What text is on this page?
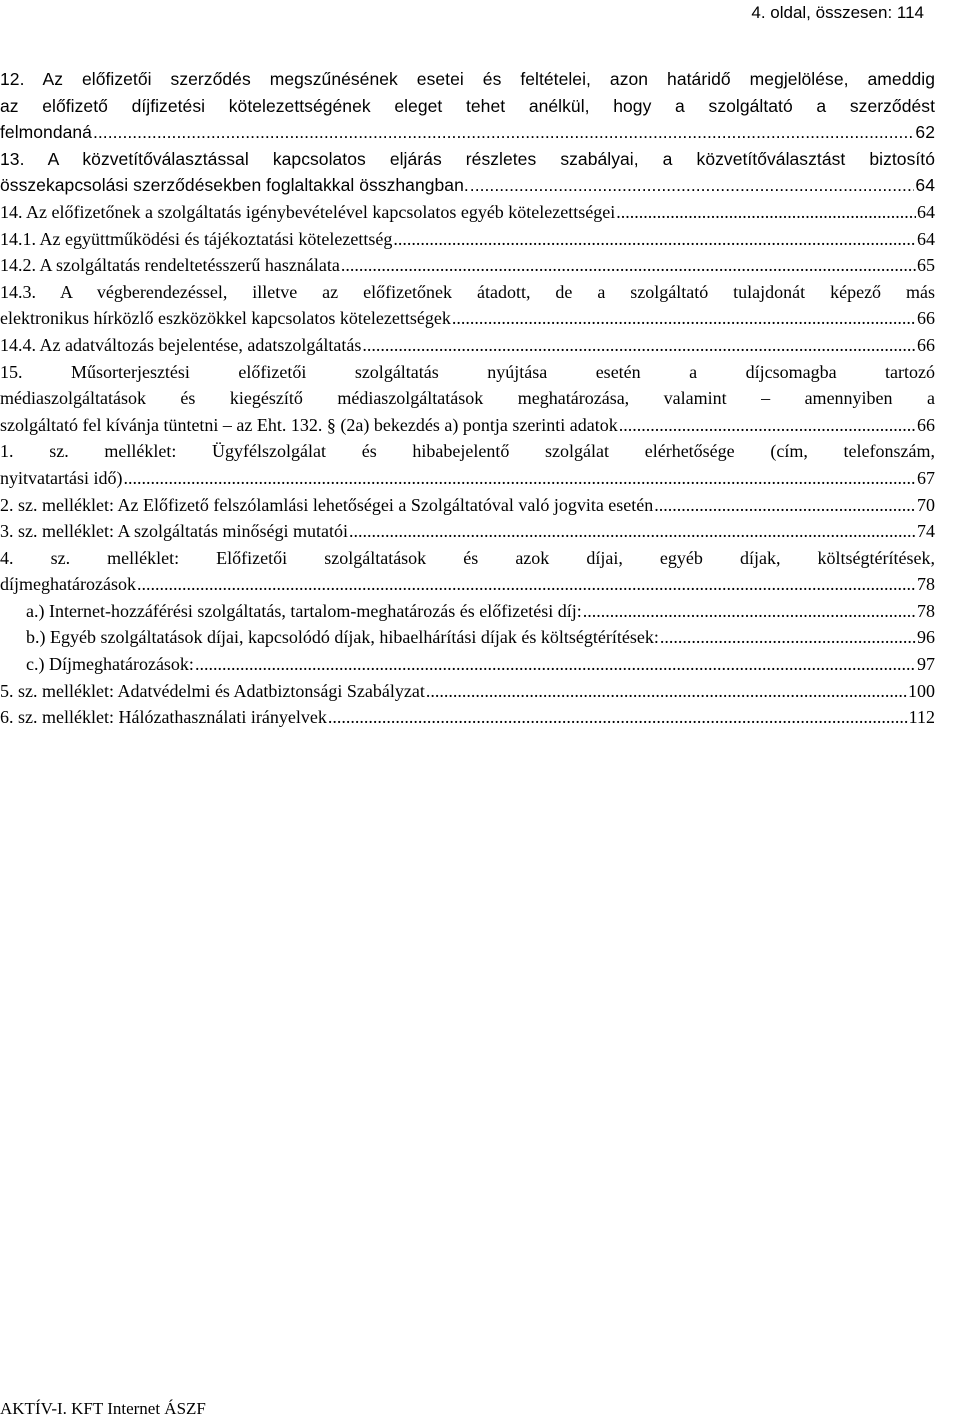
4. oldal, összesen: 114
12. Az előfizetői szerződés megszűnésének esetei és feltételei, azon határidő megjelölése, ameddig
az előfizető díjfizetési kötelezettségének eleget tehet anélkül, hogy a szolgáltató a szerződést
felmondaná .....	62
13. A közvetítőválasztással kapcsolatos eljárás részletes szabályai, a közvetítőválasztást biztosító
összekapcsolási szerződésekben foglaltakkal összhangban. .....	64
14. Az előfizetőnek a szolgáltatás igénybevételével kapcsolatos egyéb kötelezettségei .....	64
14.1. Az együttműködési és tájékoztatási kötelezettség .....	64
14.2. A szolgáltatás rendeltetésszerű használata .....	65
14.3. A végberendezéssel, illetve az előfizetőnek átadott, de a szolgáltató tulajdonát képező más
elektronikus hírközlő eszközökkel kapcsolatos kötelezettségek .....	66
14.4. Az adatváltozás bejelentése, adatszolgáltatás .....	66
15. Műsorterjesztési előfizetői szolgáltatás nyújtása esetén a díjcsomagba tartozó
médiaszolgáltatások és kiegészítő médiaszolgáltatások meghatározása, valamint – amennyiben a
szolgáltató fel kívánja tüntetni – az Eht. 132. § (2a) bekezdés a) pontja szerinti adatok .....	66
1. sz. melléklet: Ügyfélszolgálat és hibabejelentő szolgálat elérhetősége (cím, telefonszám,
nyitvatartási idő) .....	67
2. sz. melléklet: Az Előfizető felszólamlási lehetőségei a Szolgáltatóval való jogvita esetén .....	70
3. sz. melléklet: A szolgáltatás minőségi mutatói .....	74
4. sz. melléklet: Előfizetői szolgáltatások és azok díjai, egyéb díjak, költségtérítések,
díjmeghatározások .....	78
a.) Internet-hozzáférési szolgáltatás, tartalom-meghatározás és előfizetési díj: .....	78
b.) Egyéb szolgáltatások díjai, kapcsolódó díjak, hibaelhárítási díjak és költségtérítések: .....	96
c.) Díjmeghatározások: .....	97
5. sz. melléklet: Adatvédelmi és Adatbiztonsági Szabályzat .....	100
6. sz. melléklet: Hálózathasználati irányelvek .....	112
AKTÍV-I. KFT Internet ÁSZF
